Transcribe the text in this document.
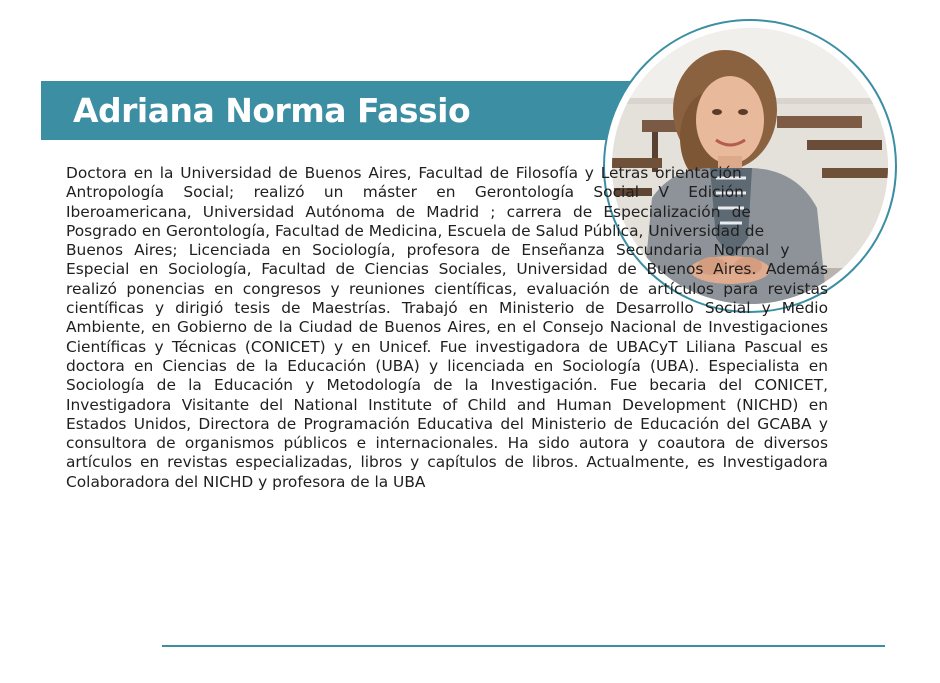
Adriana Norma Fassio
Doctora en la Universidad de Buenos Aires, Facultad de Filosofía y Letras orientación Antropología Social; realizó un máster en Gerontología Social V Edición Iberoamericana, Universidad Autónoma de Madrid ; carrera de Especialización de Posgrado en Gerontología, Facultad de Medicina, Escuela de Salud Pública, Universidad de Buenos Aires; Licenciada en Sociología, profesora de Enseñanza Secundaria Normal y Especial en Sociología, Facultad de Ciencias Sociales, Universidad de Buenos Aires. Además realizó ponencias en congresos y reuniones científicas, evaluación de artículos para revistas científicas y dirigió tesis de Maestrías. Trabajó en Ministerio de Desarrollo Social y Medio Ambiente, en Gobierno de la Ciudad de Buenos Aires, en el Consejo Nacional de Investigaciones Científicas y Técnicas (CONICET) y en Unicef. Fue investigadora de UBACyT Liliana Pascual es doctora en Ciencias de la Educación (UBA) y licenciada en Sociología (UBA). Especialista en Sociología de la Educación y Metodología de la Investigación. Fue becaria del CONICET, Investigadora Visitante del National Institute of Child and Human Development (NICHD) en Estados Unidos, Directora de Programación Educativa del Ministerio de Educación del GCABA y consultora de organismos públicos e internacionales. Ha sido autora y coautora de diversos artículos en revistas especializadas, libros y capítulos de libros. Actualmente, es Investigadora Colaboradora del NICHD y profesora de la UBA
